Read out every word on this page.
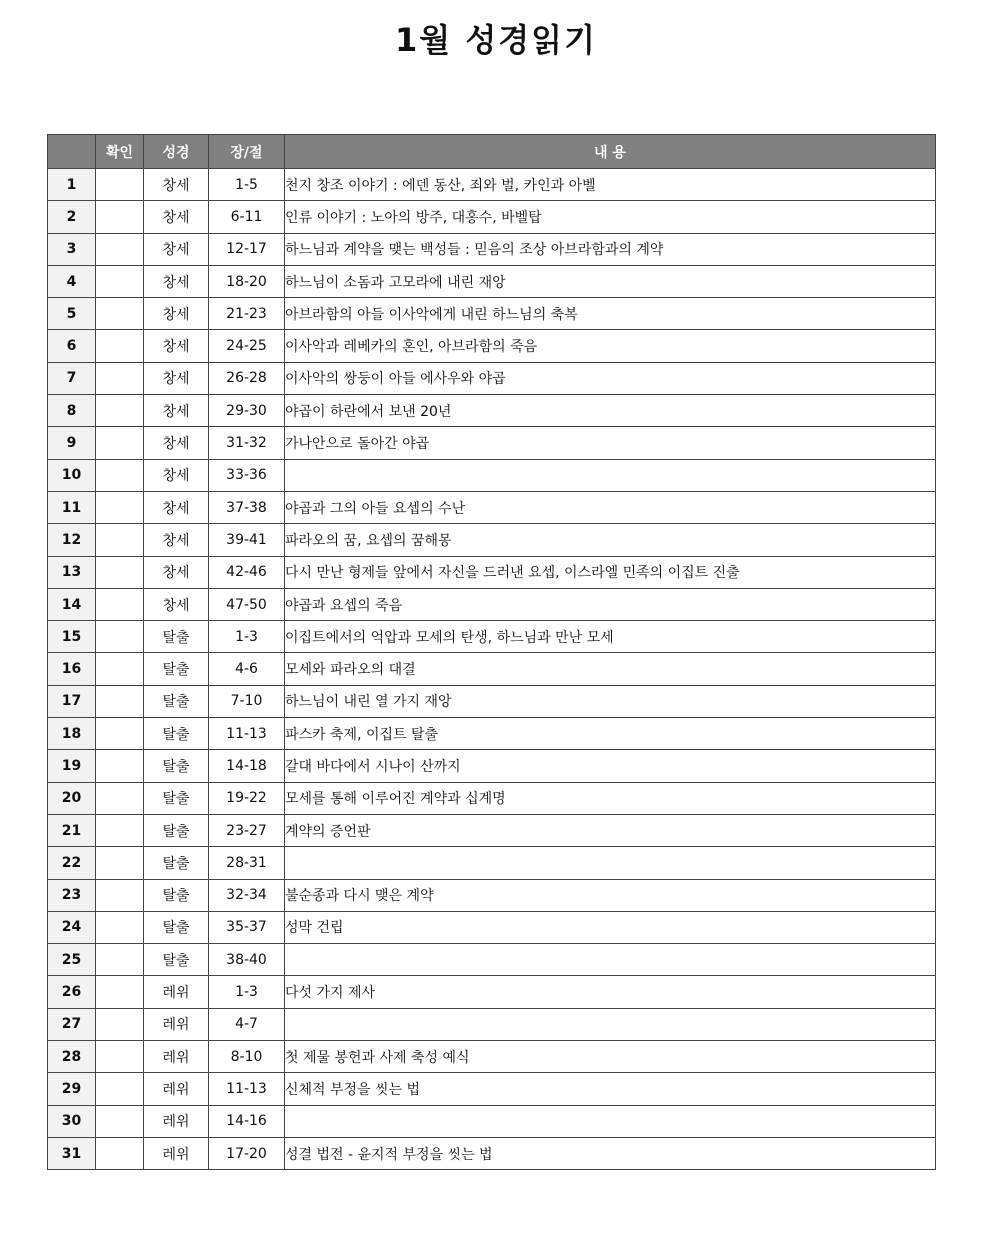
1월 성경읽기
	확인	성경	장/절	내 용
1		창세	1-5	천지 창조 이야기 : 에덴 동산, 죄와 벌, 카인과 아벨
2		창세	6-11	인류 이야기 : 노아의 방주, 대홍수, 바벨탑
3		창세	12-17	하느님과 계약을 맺는 백성들 : 믿음의 조상 아브라함과의 계약
4		창세	18-20	하느님이 소돔과 고모라에 내린 재앙
5		창세	21-23	아브라함의 아들 이사악에게 내린 하느님의 축복
6		창세	24-25	이사악과 레베카의 혼인, 아브라함의 죽음
7		창세	26-28	이사악의 쌍둥이 아들 에사우와 야곱
8		창세	29-30	야곱이 하란에서 보낸 20년
9		창세	31-32	가나안으로 돌아간 야곱
10		창세	33-36	
11		창세	37-38	야곱과 그의 아들 요셉의 수난
12		창세	39-41	파라오의 꿈, 요셉의 꿈해몽
13		창세	42-46	다시 만난 형제들 앞에서 자신을 드러낸 요셉, 이스라엘 민족의 이집트 진출
14		창세	47-50	야곱과 요셉의 죽음
15		탈출	1-3	이집트에서의 억압과 모세의 탄생, 하느님과 만난 모세
16		탈출	4-6	모세와 파라오의 대결
17		탈출	7-10	하느님이 내린 열 가지 재앙
18		탈출	11-13	파스카 축제, 이집트 탈출
19		탈출	14-18	갈대 바다에서 시나이 산까지
20		탈출	19-22	모세를 통해 이루어진 계약과 십계명
21		탈출	23-27	계약의 증언판
22		탈출	28-31	
23		탈출	32-34	불순종과 다시 맺은 계약
24		탈출	35-37	성막 건립
25		탈출	38-40	
26		레위	1-3	다섯 가지 제사
27		레위	4-7	
28		레위	8-10	첫 제물 봉헌과 사제 축성 예식
29		레위	11-13	신체적 부정을 씻는 법
30		레위	14-16	
31		레위	17-20	성결 법전 - 윤지적 부정을 씻는 법
